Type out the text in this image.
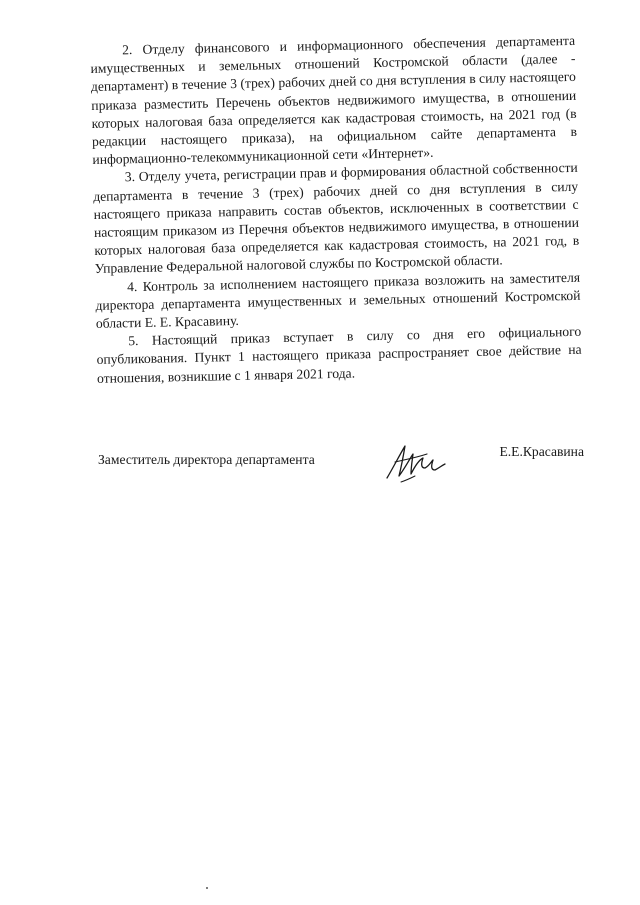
2. Отделу финансового и информационного обеспечения департамента имущественных и земельных отношений Костромской области (далее - департамент) в течение 3 (трех) рабочих дней со дня вступления в силу настоящего приказа разместить Перечень объектов недвижимого имущества, в отношении которых налоговая база определяется как кадастровая стоимость, на 2021 год (в редакции настоящего приказа), на официальном сайте департамента в информационно-телекоммуникационной сети «Интернет».

3. Отделу учета, регистрации прав и формирования областной собственности департамента в течение 3 (трех) рабочих дней со дня вступления в силу настоящего приказа направить состав объектов, исключенных в соответствии с настоящим приказом из Перечня объектов недвижимого имущества, в отношении которых налоговая база определяется как кадастровая стоимость, на 2021 год, в Управление Федеральной налоговой службы по Костромской области.

4. Контроль за исполнением настоящего приказа возложить на заместителя директора департамента имущественных и земельных отношений Костромской области Е. Е. Красавину.

5. Настоящий приказ вступает в силу со дня его официального опубликования. Пункт 1 настоящего приказа распространяет свое действие на отношения, возникшие с 1 января 2021 года.

Заместитель директора департамента
Е.Е.Красавина
